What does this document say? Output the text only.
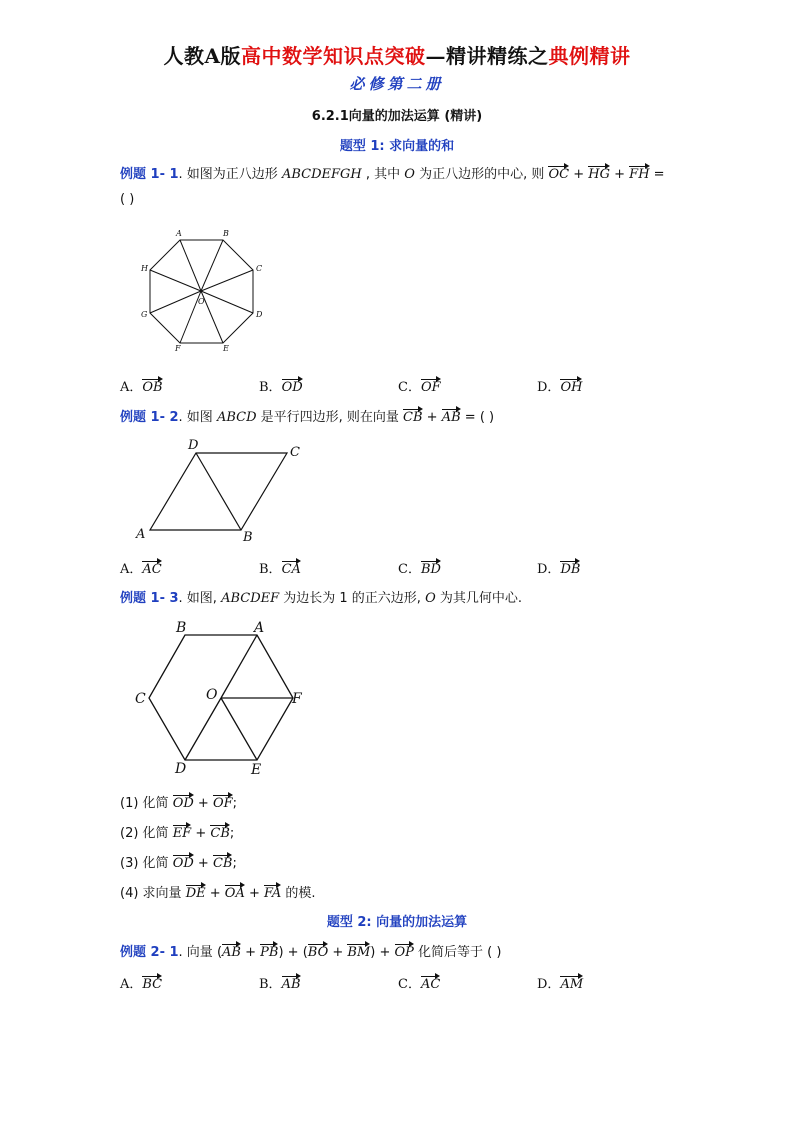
人教A版高中数学知识点突破—精讲精练之典例精讲
必修第二册
6.2.1向量的加法运算 (精讲)
题型 1: 求向量的和
例题 1- 1. 如图为正八边形 ABCDEFGH , 其中 O 为正八边形的中心, 则 OC + HG + FH =
( )
A	B
C
D
E
F
G
H
O
A．OB	B．OD	C．OF	D．OH
例题 1- 2. 如图 ABCD 是平行四边形, 则在向量 CB + AB = ( )
D	C
A	B
A．AC	B．CA	C．BD	D．DB
例题 1- 3. 如图, ABCDEF 为边长为 1 的正六边形, O 为其几何中心.
B	A
C	O	F
D	E
(1) 化简 OD + OF;
(2) 化简 EF + CB;
(3) 化简 OD + CB;
(4) 求向量 DE + OA + FA 的模.
题型 2: 向量的加法运算
例题 2- 1. 向量 (AB + PB) + (BO + BM) + OP 化简后等于 ( )
A．BC	B．AB	C．AC	D．AM
